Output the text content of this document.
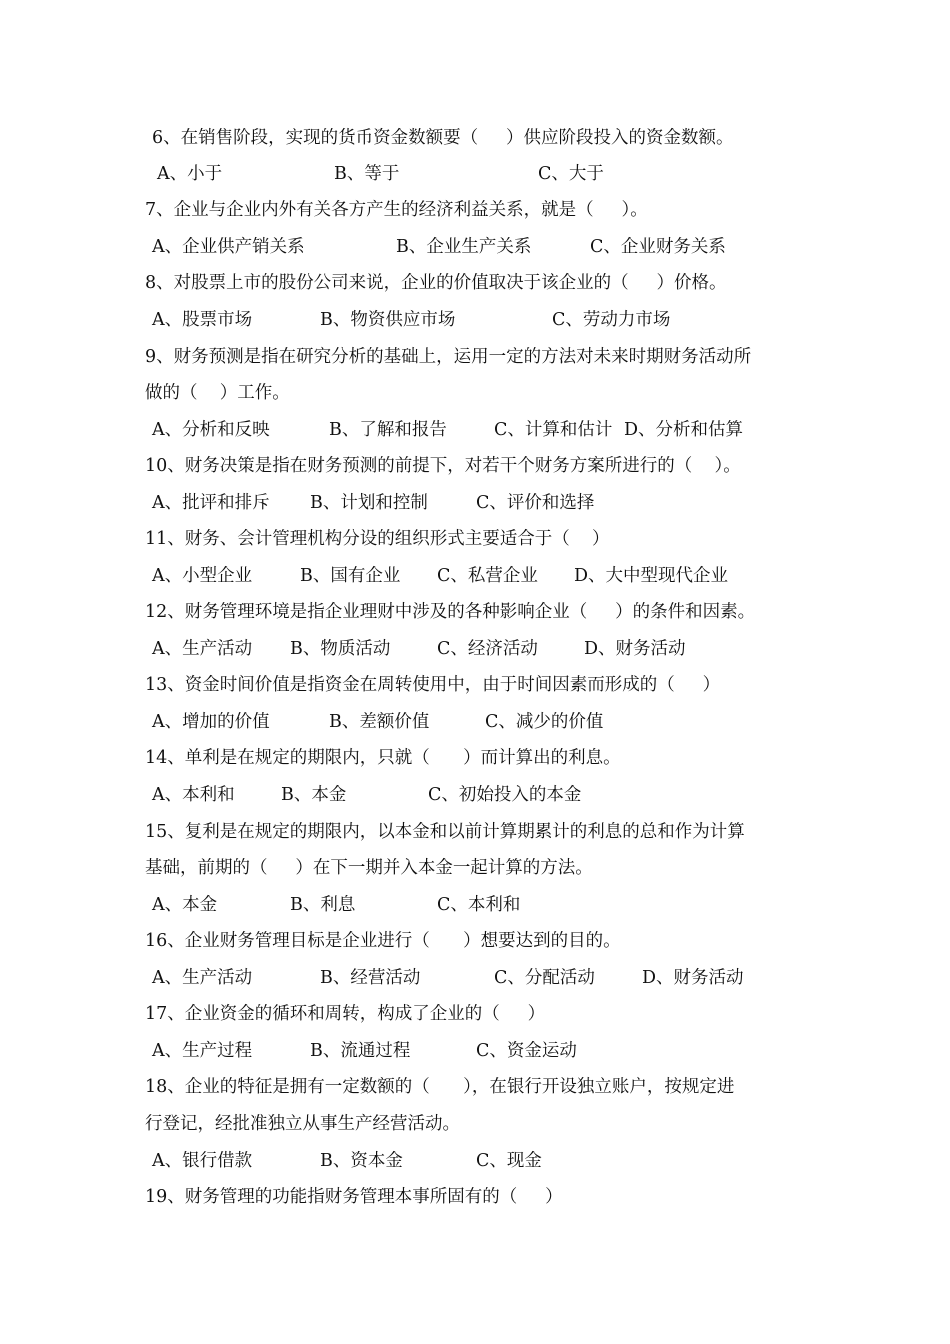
6、在销售阶段，实现的货币资金数额要（     ）供应阶段投入的资金数额。
A、小于	B、等于	C、大于
7、企业与企业内外有关各方产生的经济利益关系，就是（     ）。
A、企业供产销关系	B、企业生产关系	C、企业财务关系
8、对股票上市的股份公司来说，企业的价值取决于该企业的（     ）价格。
A、股票市场	B、物资供应市场	C、劳动力市场
9、财务预测是指在研究分析的基础上，运用一定的方法对未来时期财务活动所
做的（    ）工作。
A、分析和反映	B、了解和报告	C、计算和估计 D、分析和估算
10、财务决策是指在财务预测的前提下，对若干个财务方案所进行的（    ）。
A、批评和排斥 B、计划和控制	C、评价和选择
11、财务、会计管理机构分设的组织形式主要适合于（    ）
A、小型企业	B、国有企业 C、私营企业 D、大中型现代企业
12、财务管理环境是指企业理财中涉及的各种影响企业（     ）的条件和因素。
A、生产活动 B、物质活动	C、经济活动	D、财务活动
13、资金时间价值是指资金在周转使用中，由于时间因素而形成的（     ）
A、增加的价值	B、差额价值	C、减少的价值
14、单利是在规定的期限内，只就（      ）而计算出的利息。
A、本利和	B、本金	C、初始投入的本金
15、复利是在规定的期限内，以本金和以前计算期累计的利息的总和作为计算
基础，前期的（     ）在下一期并入本金一起计算的方法。
A、本金	B、利息	C、本利和
16、企业财务管理目标是企业进行（      ）想要达到的目的。
A、生产活动	B、经营活动	C、分配活动	D、财务活动
17、企业资金的循环和周转，构成了企业的（     ）
A、生产过程	B、流通过程	C、资金运动
18、企业的特征是拥有一定数额的（      ），在银行开设独立账户，按规定进
行登记，经批准独立从事生产经营活动。
A、银行借款	B、资本金	C、现金
19、财务管理的功能指财务管理本事所固有的（     ）
